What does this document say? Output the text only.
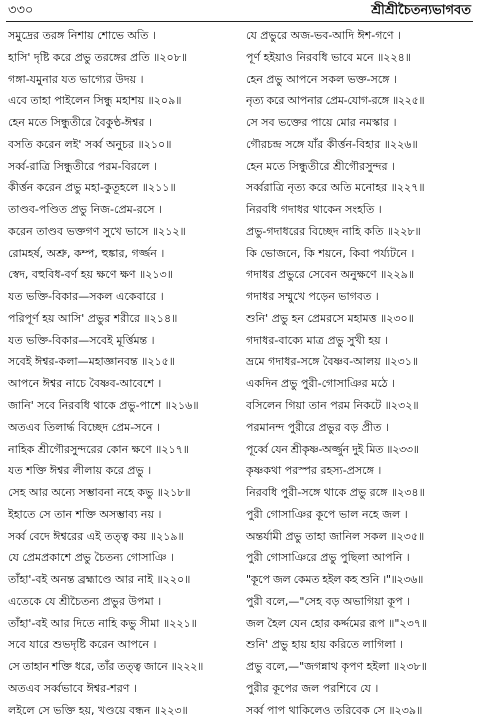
৩৩০	শ্রীশ্রীচৈতন্যভাগবত
সমুদ্রের তরঙ্গ নিশায় শোভে অতি ।
হাসি' দৃষ্টি করে প্রভু তরঙ্গের প্রতি ॥২০৮॥
গঙ্গা-যমুনার যত ভাগ্যের উদয় ।
এবে তাহা পাইলেন সিন্ধু মহাশয় ॥২০৯॥
হেন মতে সিন্ধুতীরে বৈকুণ্ঠ-ঈশ্বর ।
বসতি করেন লই' সর্ব্ব অনুচর ॥২১০॥
সর্ব্ব-রাত্রি সিন্ধুতীরে পরম-বিরলে ।
কীর্ত্তন করেন প্রভু মহা-কুতূহলে ॥২১১॥
তাণ্ডব-পণ্ডিত প্রভু নিজ-প্রেম-রসে ।
করেন তাণ্ডব ভক্তগণ সুখে ভাসে ॥২১২॥
রোমহর্ষ, অশ্রু, কম্প, হুঙ্কার, গর্জ্জন ।
স্বেদ, বহুবিধ-বর্ণ হয় ক্ষণে ক্ষণ ॥২১৩॥
যত ভক্তি-বিকার—সকল একেবারে ।
পরিপূর্ণ হয় আসি' প্রভুর শরীরে ॥২১৪॥
যত ভক্তি-বিকার—সবেই মূর্ত্তিমন্ত ।
সবেই ঈশ্বর-কলা—মহাজ্ঞানবন্ত ॥২১৫॥
আপনে ঈশ্বর নাচে বৈষ্ণব-আবেশে ।
জানি' সবে নিরবধি থাকে প্রভু-পাশে ॥২১৬॥
অতএব তিলার্দ্ধ বিচ্ছেদ প্রেম-সনে ।
নাহিক শ্রীগৌরসুন্দরের কোন ক্ষণে ॥২১৭॥
যত শক্তি ঈশ্বর লীলায় করে প্রভু ।
সেহ আর অন্যে সম্ভাবনা নহে কভু ॥২১৮॥
ইহাতে সে তান শক্তি অসম্ভাব্য নয় ।
সর্ব্ব বেদে ঈশ্বরের এই তত্ত্ব কয় ॥২১৯॥
যে প্রেমপ্রকাশে প্রভু চৈতন্য গোসাঞি ।
তাঁহা'-বই অনন্ত ব্রহ্মাণ্ডে আর নাই ॥২২০॥
এতেকে যে শ্রীচৈতন্য প্রভুর উপমা ।
তাঁহা'-বই আর দিতে নাহি কভু সীমা ॥২২১॥
সবে যারে শুভদৃষ্টি করেন আপনে ।
সে তাহান শক্তি ধরে, তাঁর তত্ত্ব জানে ॥২২২॥
অতএব সর্ব্বভাবে ঈশ্বর-শরণ ।
লইলে সে ভক্তি হয়, খণ্ডয়ে বন্ধন ॥২২৩॥
যে প্রভুরে অজ-ভব-আদি ঈশ-গণে ।
পূর্ণ হইয়াও নিরবধি ভাবে মনে ॥২২৪॥
হেন প্রভু আপনে সকল ভক্ত-সঙ্গে ।
নৃত্য করে আপনার প্রেম-যোগ-রঙ্গে ॥২২৫॥
সে সব ভক্তের পায়ে মোর নমস্কার ।
গৌরচন্দ্র সঙ্গে যাঁর কীর্ত্তন-বিহার ॥২২৬॥
হেন মতে সিন্ধুতীরে শ্রীগৌরসুন্দর ।
সর্ব্বরাত্রি নৃত্য করে অতি মনোহর ॥২২৭॥
নিরবধি গদাধর থাকেন সংহতি ।
প্রভু-গদাধরের বিচ্ছেদ নাহি কতি ॥২২৮॥
কি ভোজনে, কি শয়নে, কিবা পর্য্যটনে ।
গদাধর প্রভুরে সেবেন অনুক্ষণে ॥২২৯॥
গদাধর সম্মুখে পড়েন ভাগবত ।
শুনি' প্রভু হন প্রেমরসে মহামত্ত ॥২৩০॥
গদাধর-বাক্যে মাত্র প্রভু সুখী হয় ।
ভ্রমে গদাধর-সঙ্গে বৈষ্ণব-আলয় ॥২৩১॥
একদিন প্রভু পুরী-গোসাঞির মঠে ।
বসিলেন গিয়া তান পরম নিকটে ॥২৩২॥
পরমানন্দ পুরীরে প্রভুর বড় প্রীত ।
পূর্ব্বে যেন শ্রীকৃষ্ণ-অর্জ্জুন দুই মিত ॥২৩৩॥
কৃষ্ণকথা পরস্পর রহস্য-প্রসঙ্গে ।
নিরবধি পুরী-সঙ্গে থাকে প্রভু রঙ্গে ॥২৩৪॥
পুরী গোসাঞির কূপে ভাল নহে জল ।
অন্তর্যামী প্রভু তাহা জানিল সকল ॥২৩৫॥
পুরী গোসাঞিরে প্রভু পুছিলা আপনি ।
"কূপে জল কেমত হইল কহ শুনি ।"॥২৩৬॥
পুরী বলে,—"সেহ বড় অভাগিয়া কূপ ।
জল হৈল যেন হোর কর্দ্দমের রূপ ॥"২৩৭॥
শুনি' প্রভু হায় হায় করিতে লাগিলা ।
প্রভু বলে,—"জগন্নাথ কৃপণ হইলা ॥২৩৮॥
পুরীর কূপের জল পরশিবে যে ।
সর্ব্ব পাপ থাকিলেও তরিবেক সে ॥২৩৯॥
